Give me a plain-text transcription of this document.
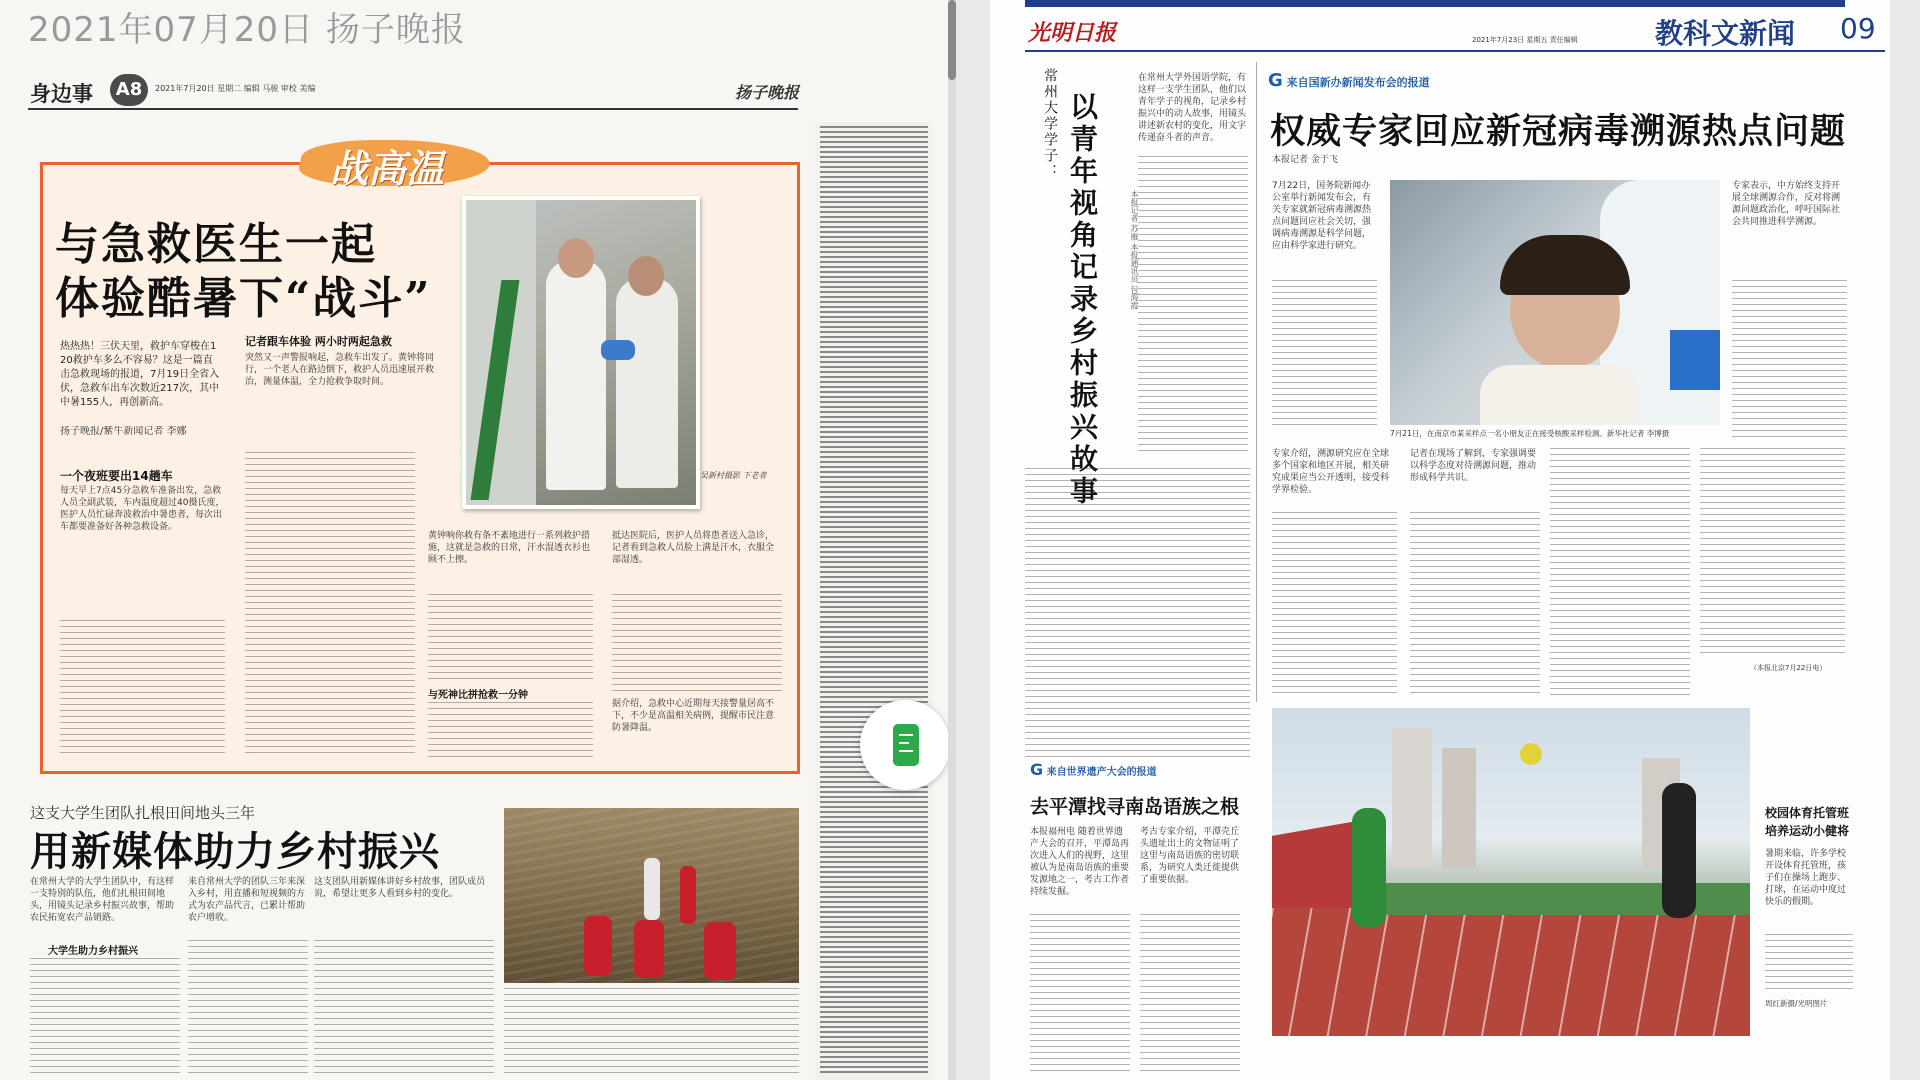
2021年07月20日 扬子晚报
身边事	A8	2021年7月20日 星期二 编辑 马骏 审校 美编	扬子晚报
战高温
与急救医生一起
体验酷暑下“战斗”
热热热！三伏天里，救护车穿梭在120救护车多么不容易？这是一篇直击急救现场的报道，7月19日全省入伏，急救车出车次数近217次，其中中暑155人，再创新高。
扬子晚报/紫牛新闻记者 李娜
吴新村摄影 下老者
一个夜班要出14趟车
每天早上7点45分急救车准备出发，急救人员全副武装，车内温度超过40摄氏度，医护人员忙碌奔波救治中暑患者，每次出车都要准备好各种急救设备。
记者跟车体验 两小时两起急救
突然又一声警报响起，急救车出发了。黄钟将同行，一个老人在路边倒下，救护人员迅速展开救治，测量体温，全力抢救争取时间。
黄钟响你救有条不紊地进行一系列救护措施，这就是急救的日常，汗水湿透衣衫也顾不上擦。
与死神比拼抢救一分钟
抵达医院后，医护人员将患者送入急诊，记者看到急救人员脸上满是汗水，衣服全部湿透。
据介绍，急救中心近期每天接警量居高不下，不少是高温相关病例，提醒市民注意防暑降温。
这支大学生团队扎根田间地头三年
用新媒体助力乡村振兴
在常州大学的大学生团队中，有这样一支特别的队伍，他们扎根田间地头，用镜头记录乡村振兴故事，帮助农民拓宽农产品销路。
大学生助力乡村振兴
来自常州大学的团队三年来深入乡村，用直播和短视频的方式为农产品代言，已累计帮助农户增收。
这支团队用新媒体讲好乡村故事，团队成员说，希望让更多人看到乡村的变化。
光明日报	2021年7月23日 星期五 责任编辑	教科文新闻 09
常州大学学子： 以青年视角记录乡村振兴故事	本报记者 苏雁 本报通讯员 包海霞
在常州大学外国语学院，有这样一支学生团队，他们以青年学子的视角，记录乡村振兴中的动人故事，用镜头讲述新农村的变化，用文字传递奋斗者的声音。
G 来自国新办新闻发布会的报道
权威专家回应新冠病毒溯源热点问题
本报记者 金于飞
7月22日，国务院新闻办公室举行新闻发布会，有关专家就新冠病毒溯源热点问题回应社会关切，强调病毒溯源是科学问题，应由科学家进行研究。
7月21日，在南京市某采样点一名小朋友正在接受核酸采样检测。新华社记者 李博摄
专家表示，中方始终支持开展全球溯源合作，反对将溯源问题政治化，呼吁国际社会共同推进科学溯源。
专家介绍，溯源研究应在全球多个国家和地区开展，相关研究成果应当公开透明，接受科学界检验。
记者在现场了解到，专家强调要以科学态度对待溯源问题，推动形成科学共识。
（本报北京7月22日电）
G 来自世界遗产大会的报道
去平潭找寻南岛语族之根
本报福州电 随着世界遗产大会的召开，平潭岛再次进入人们的视野，这里被认为是南岛语族的重要发源地之一，考古工作者持续发掘。
考古专家介绍，平潭壳丘头遗址出土的文物证明了这里与南岛语族的密切联系，为研究人类迁徙提供了重要依据。
校园体育托管班培养运动小健将
暑期来临，许多学校开设体育托管班，孩子们在操场上跑步、打球，在运动中度过快乐的假期。
周红新摄/光明图片
